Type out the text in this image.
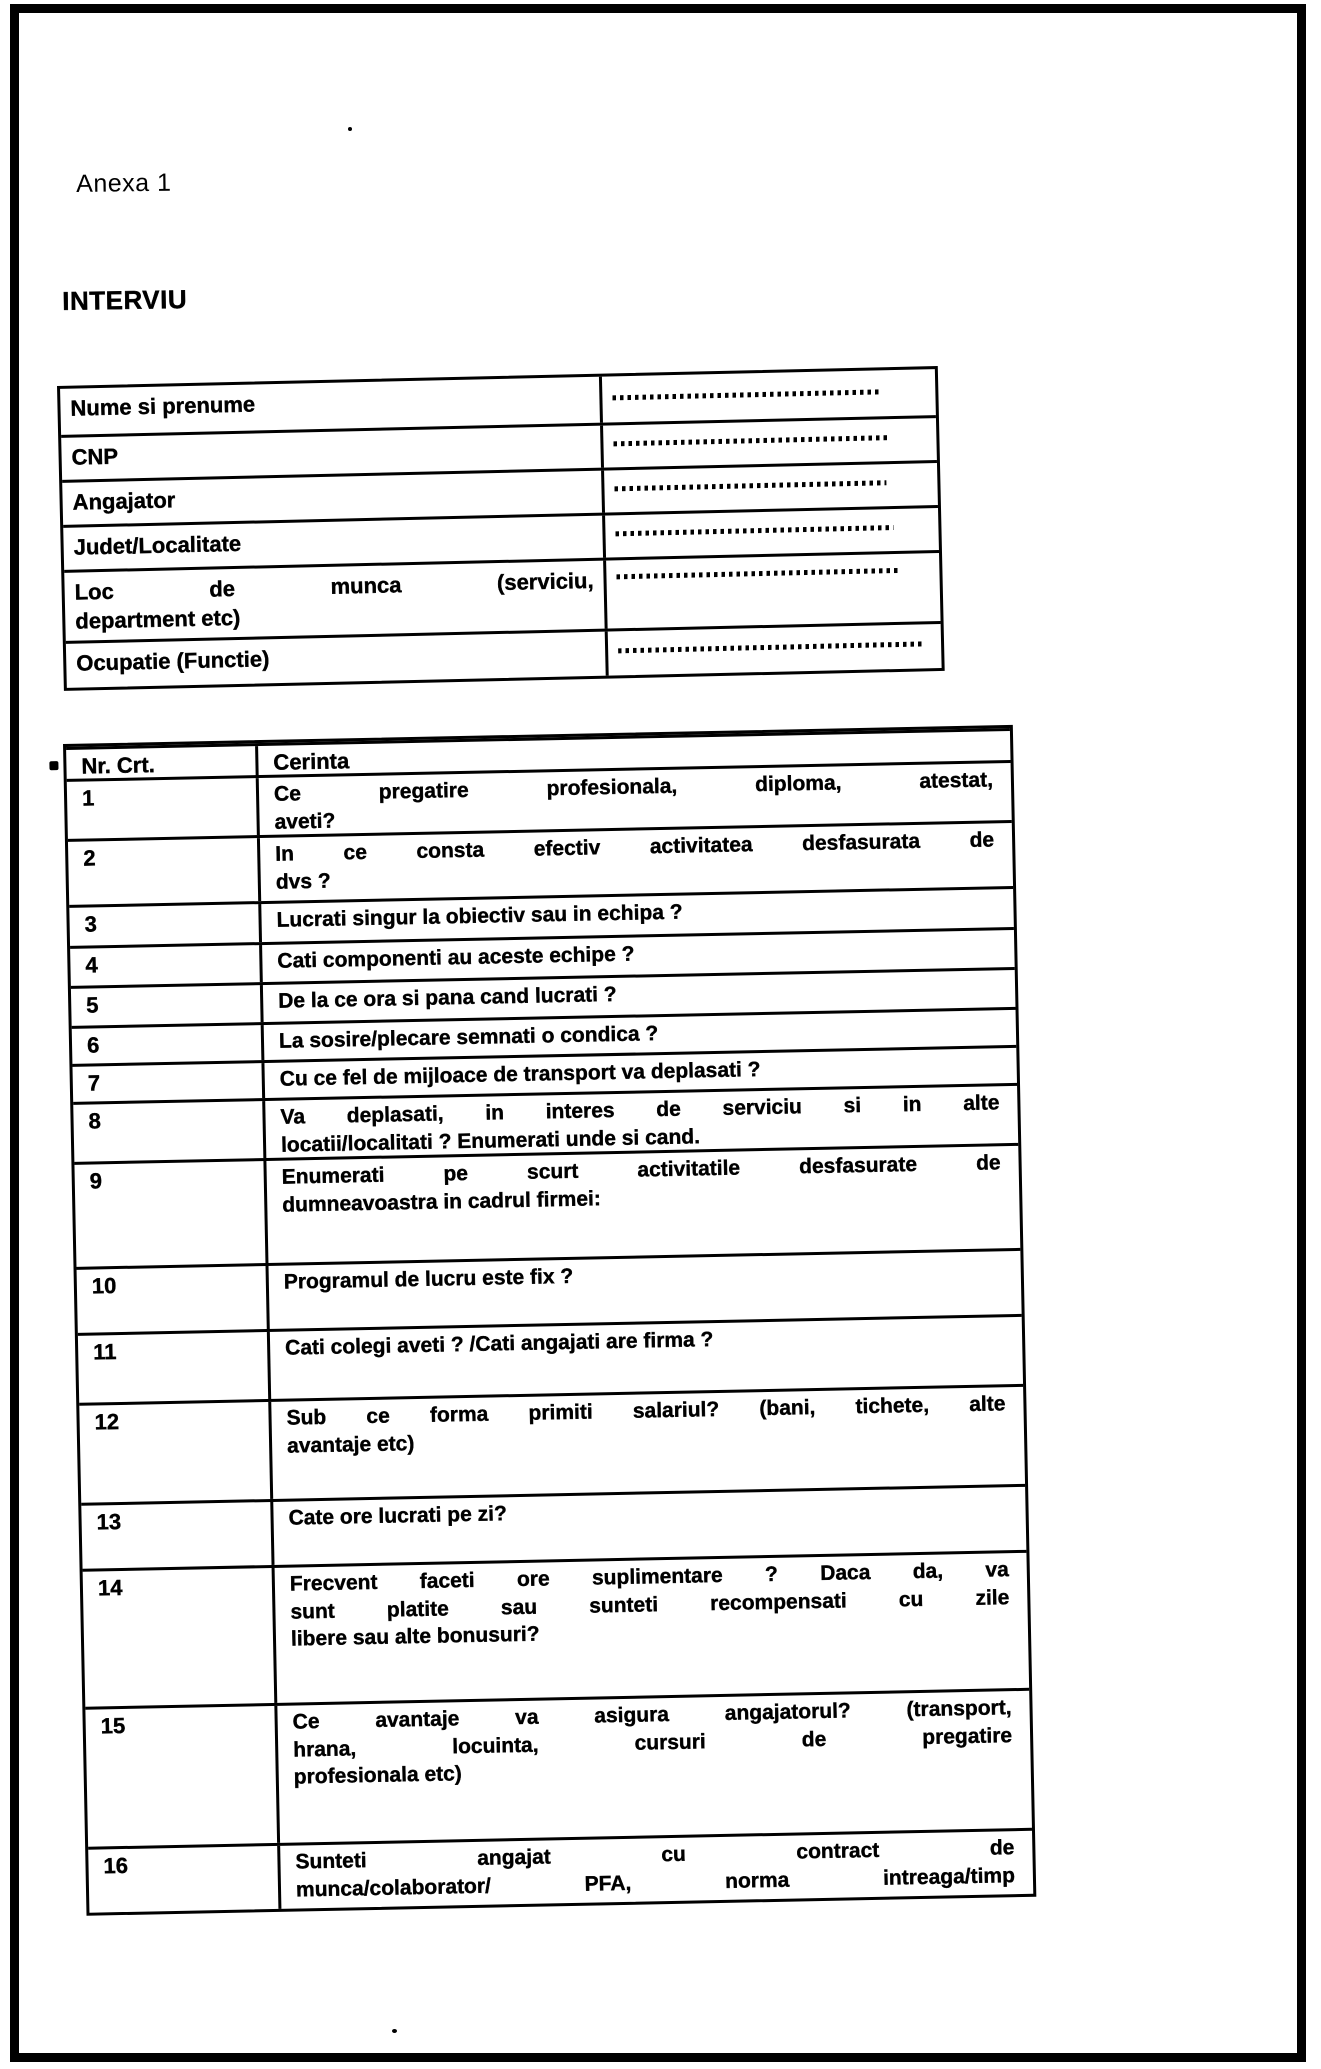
Anexa 1
INTERVIU
Nume si prenume
CNP
Angajator
Judet/Localitate
Loc de munca (serviciu,
department etc)
Ocupatie (Functie)
Nr. Crt.	Cerinta
1	Ce pregatire profesionala, diploma, atestat,
aveti?
2	In ce consta efectiv activitatea desfasurata de
dvs ?
3	Lucrati singur la obiectiv sau in echipa ?
4	Cati componenti au aceste echipe ?
5	De la ce ora si pana cand lucrati ?
6	La sosire/plecare semnati o condica ?
7	Cu ce fel de mijloace de transport va deplasati ?
8	Va deplasati, in interes de serviciu si in alte
locatii/localitati ? Enumerati unde si cand.
9	Enumerati pe scurt activitatile desfasurate de
dumneavoastra in cadrul firmei:
10	Programul de lucru este fix ?
11	Cati colegi aveti ? /Cati angajati are firma ?
12	Sub ce forma primiti salariul? (bani, tichete, alte
avantaje etc)
13	Cate ore lucrati pe zi?
14	Frecvent faceti ore suplimentare ? Daca da, va
sunt platite sau sunteti recompensati cu zile
libere sau alte bonusuri?
15	Ce avantaje va asigura angajatorul? (transport,
hrana, locuinta, cursuri de pregatire
profesionala etc)
16	Sunteti angajat cu contract de
munca/colaborator/ PFA, norma intreaga/timp
